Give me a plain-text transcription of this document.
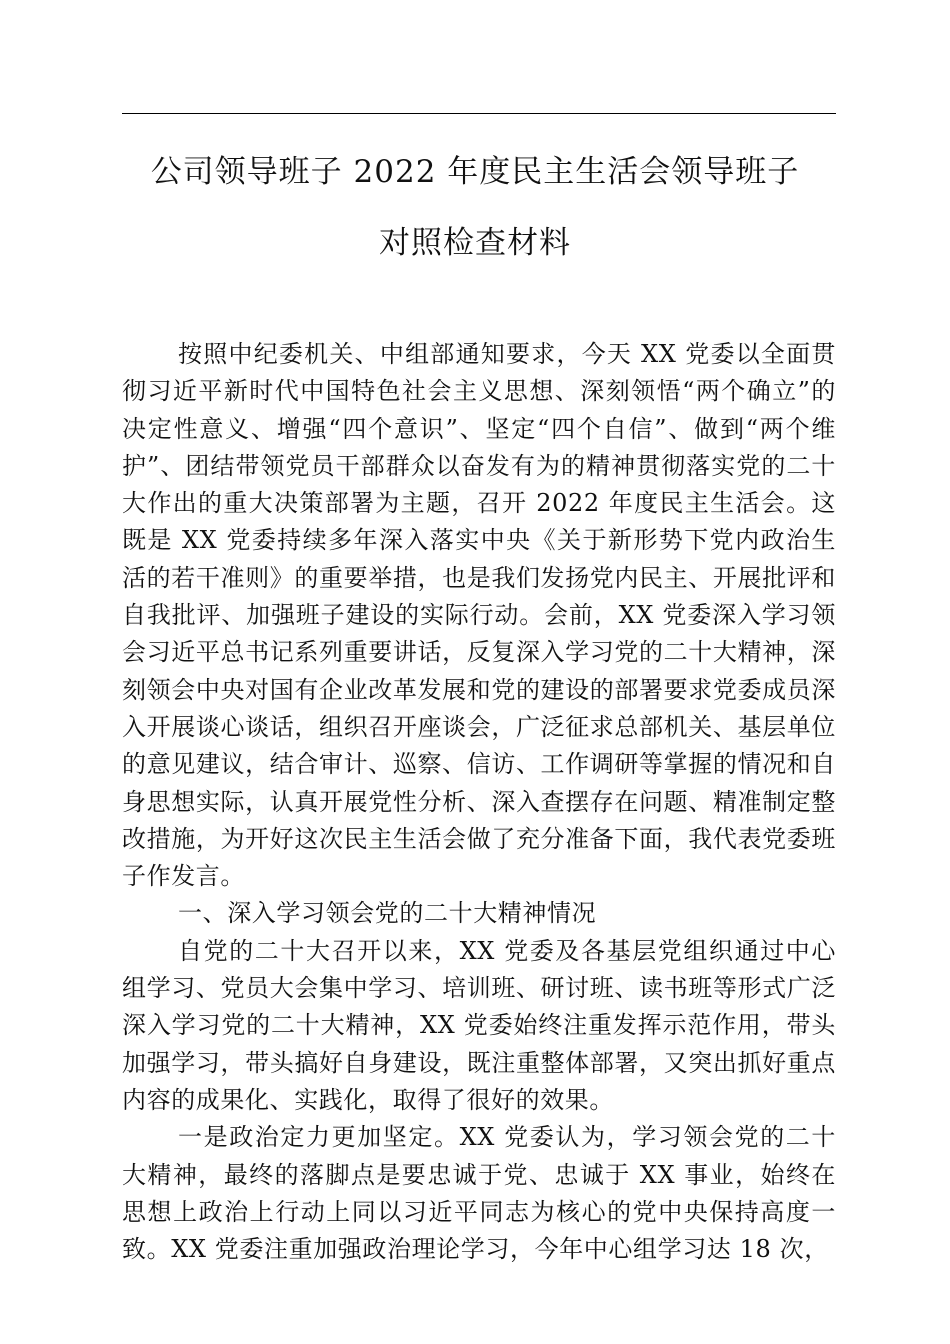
公司领导班子 2022 年度民主生活会领导班子
对照检查材料

按照中纪委机关、中组部通知要求，今天 XX 党委以全面贯彻习近平新时代中国特色社会主义思想、深刻领悟“两个确立”的决定性意义、增强“四个意识”、坚定“四个自信”、做到“两个维护”、团结带领党员干部群众以奋发有为的精神贯彻落实党的二十大作出的重大决策部署为主题，召开 2022 年度民主生活会。这既是 XX 党委持续多年深入落实中央《关于新形势下党内政治生活的若干准则》的重要举措，也是我们发扬党内民主、开展批评和自我批评、加强班子建设的实际行动。会前，XX 党委深入学习领会习近平总书记系列重要讲话，反复深入学习党的二十大精神，深刻领会中央对国有企业改革发展和党的建设的部署要求党委成员深入开展谈心谈话，组织召开座谈会，广泛征求总部机关、基层单位的意见建议，结合审计、巡察、信访、工作调研等掌握的情况和自身思想实际，认真开展党性分析、深入查摆存在问题、精准制定整改措施，为开好这次民主生活会做了充分准备下面，我代表党委班子作发言。

一、深入学习领会党的二十大精神情况

自党的二十大召开以来，XX 党委及各基层党组织通过中心组学习、党员大会集中学习、培训班、研讨班、读书班等形式广泛深入学习党的二十大精神，XX 党委始终注重发挥示范作用，带头加强学习，带头搞好自身建设，既注重整体部署，又突出抓好重点内容的成果化、实践化，取得了很好的效果。

一是政治定力更加坚定。XX 党委认为，学习领会党的二十大精神，最终的落脚点是要忠诚于党、忠诚于 XX 事业，始终在思想上政治上行动上同以习近平同志为核心的党中央保持高度一致。XX 党委注重加强政治理论学习，今年中心组学习达 18 次，
